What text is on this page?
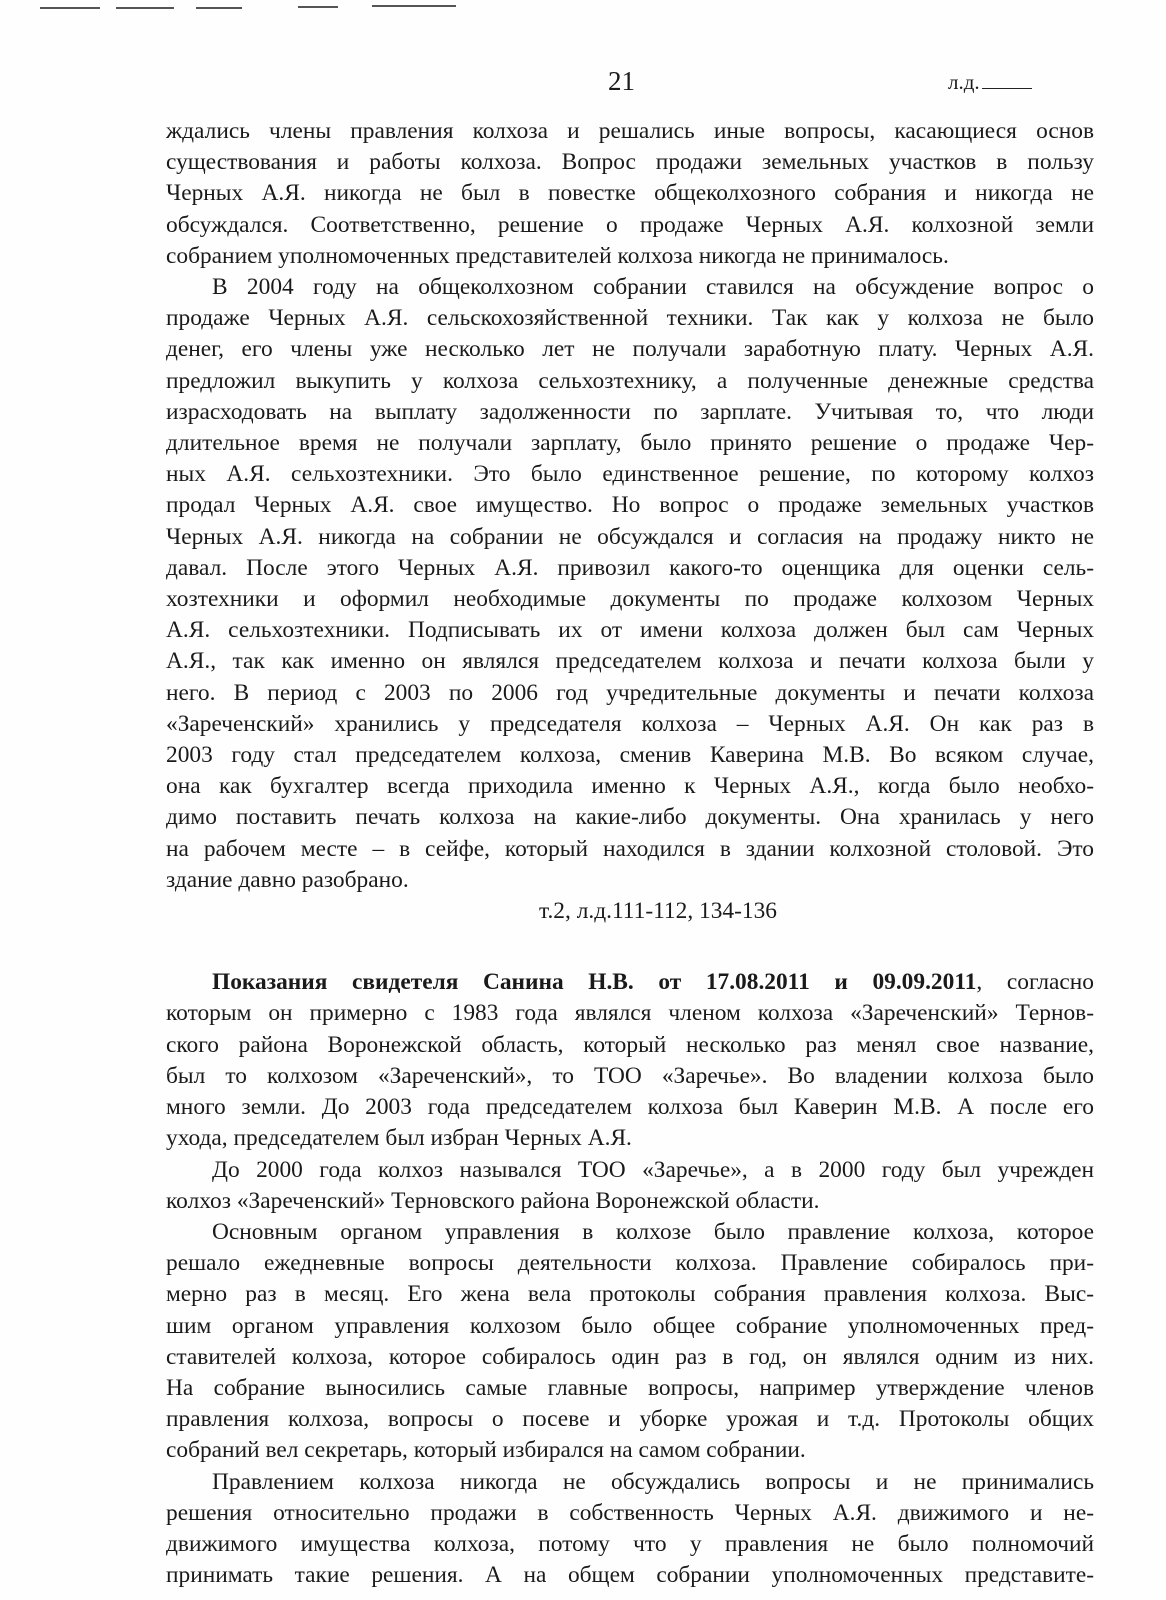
21	л.д.
ждались члены правления колхоза и решались иные вопросы, касающиеся основ
существования и работы колхоза. Вопрос продажи земельных участков в пользу
Черных А.Я. никогда не был в повестке общеколхозного собрания и никогда не
обсуждался. Соответственно, решение о продаже Черных А.Я. колхозной земли
собранием уполномоченных представителей колхоза никогда не принималось.
В 2004 году на общеколхозном собрании ставился на обсуждение вопрос о
продаже Черных А.Я. сельскохозяйственной техники. Так как у колхоза не было
денег, его члены уже несколько лет не получали заработную плату. Черных А.Я.
предложил выкупить у колхоза сельхозтехнику, а полученные денежные средства
израсходовать на выплату задолженности по зарплате. Учитывая то, что люди
длительное время не получали зарплату, было принято решение о продаже Чер-
ных А.Я. сельхозтехники. Это было единственное решение, по которому колхоз
продал Черных А.Я. свое имущество. Но вопрос о продаже земельных участков
Черных А.Я. никогда на собрании не обсуждался и согласия на продажу никто не
давал. После этого Черных А.Я. привозил какого-то оценщика для оценки сель-
хозтехники и оформил необходимые документы по продаже колхозом Черных
А.Я. сельхозтехники. Подписывать их от имени колхоза должен был сам Черных
А.Я., так как именно он являлся председателем колхоза и печати колхоза были у
него. В период с 2003 по 2006 год учредительные документы и печати колхоза
«Зареченский» хранились у председателя колхоза – Черных А.Я. Он как раз в
2003 году стал председателем колхоза, сменив Каверина М.В. Во всяком случае,
она как бухгалтер всегда приходила именно к Черных А.Я., когда было необхо-
димо поставить печать колхоза на какие-либо документы. Она хранилась у него
на рабочем месте – в сейфе, который находился в здании колхозной столовой. Это
здание давно разобрано.
т.2, л.д.111-112, 134-136
Показания свидетеля Санина Н.В. от 17.08.2011 и 09.09.2011, согласно
которым он примерно с 1983 года являлся членом колхоза «Зареченский» Тернов-
ского района Воронежской область, который несколько раз менял свое название,
был то колхозом «Зареченский», то ТОО «Заречье». Во владении колхоза было
много земли. До 2003 года председателем колхоза был Каверин М.В. А после его
ухода, председателем был избран Черных А.Я.
До 2000 года колхоз назывался ТОО «Заречье», а в 2000 году был учрежден
колхоз «Зареченский» Терновского района Воронежской области.
Основным органом управления в колхозе было правление колхоза, которое
решало ежедневные вопросы деятельности колхоза. Правление собиралось при-
мерно раз в месяц. Его жена вела протоколы собрания правления колхоза. Выс-
шим органом управления колхозом было общее собрание уполномоченных пред-
ставителей колхоза, которое собиралось один раз в год, он являлся одним из них.
На собрание выносились самые главные вопросы, например утверждение членов
правления колхоза, вопросы о посеве и уборке урожая и т.д. Протоколы общих
собраний вел секретарь, который избирался на самом собрании.
Правлением колхоза никогда не обсуждались вопросы и не принимались
решения относительно продажи в собственность Черных А.Я. движимого и не-
движимого имущества колхоза, потому что у правления не было полномочий
принимать такие решения. А на общем собрании уполномоченных представите-
